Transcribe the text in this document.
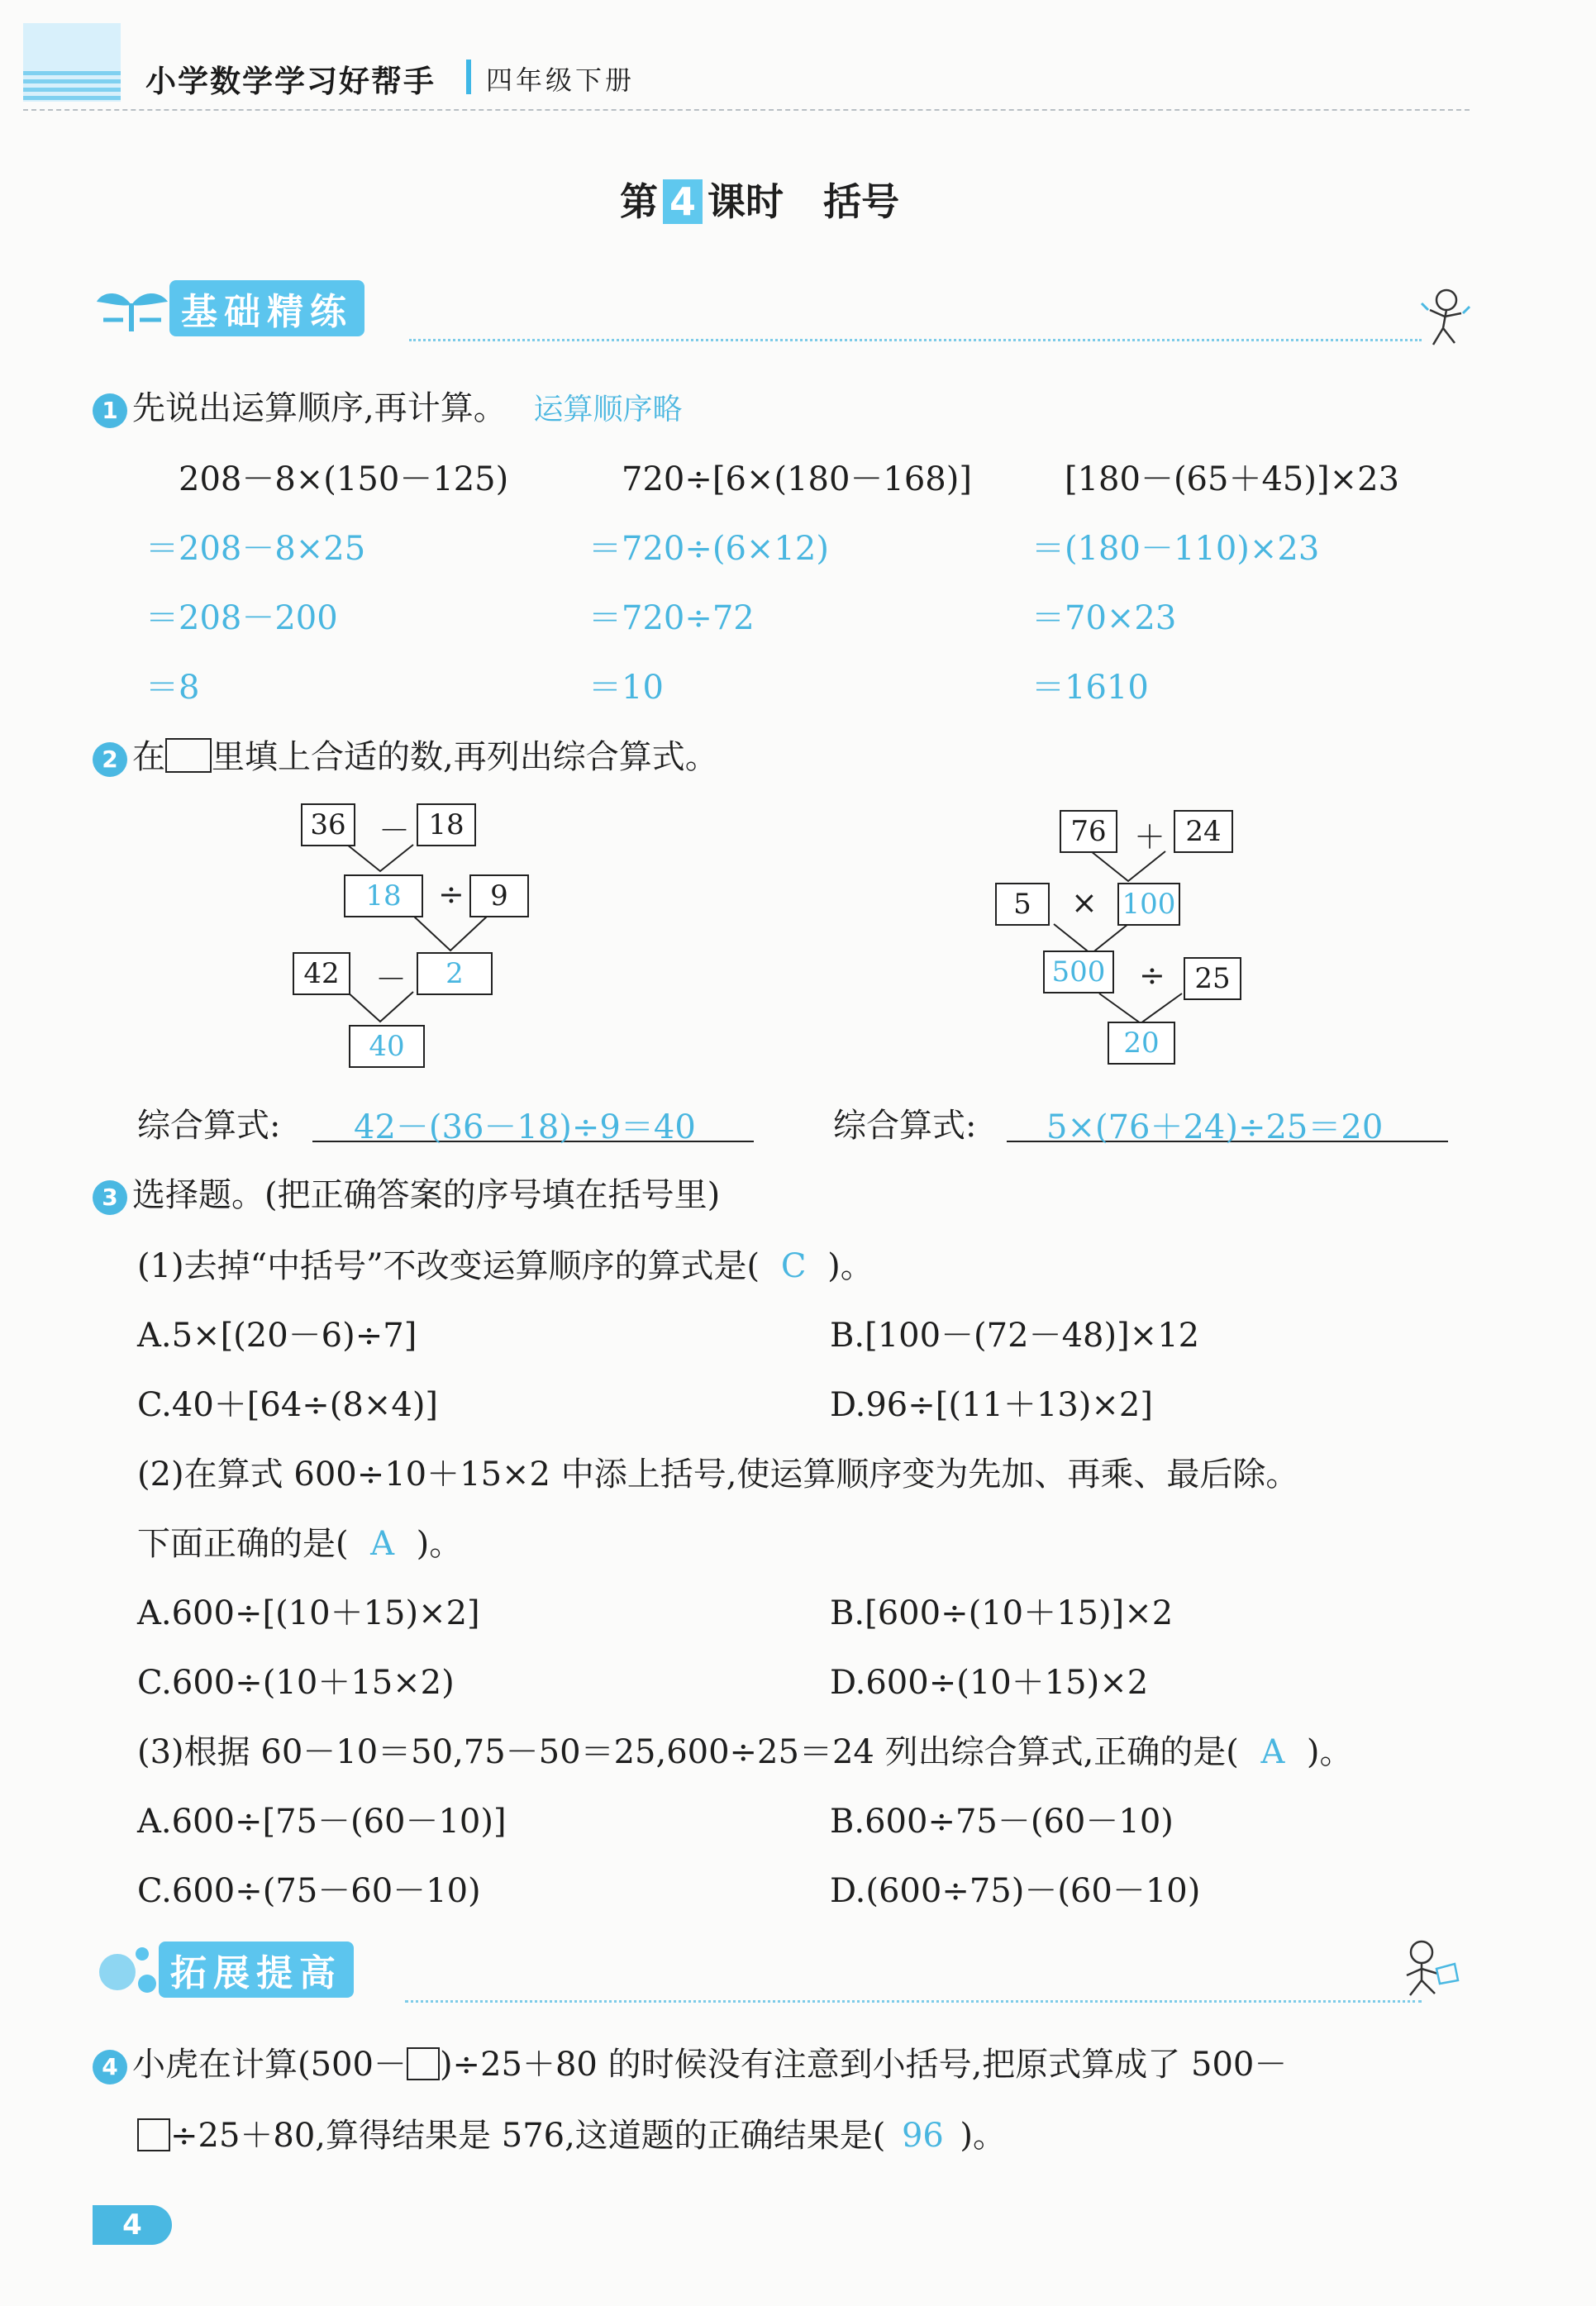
小学数学学习好帮手 四年级下册
第 4 课时 括号
基础精练
1 先说出运算顺序,再计算。 运算顺序略
208－8×(150－125)
＝208－8×25
＝208－200
＝8
720÷[6×(180－168)]
＝720÷(6×12)
＝720÷72
＝10
[180－(65＋45)]×23
＝(180－110)×23
＝70×23
＝1610
2 在 里填上合适的数,再列出综合算式。
36 － 18
18	÷ 9
42	－	2
40
76 ＋ 24
5	× 100
500 ÷	25
20
综合算式: 42－(36－18)÷9＝40	综合算式: 5×(76＋24)÷25＝20
3 选择题。(把正确答案的序号填在括号里)
(1)去掉“中括号”不改变运算顺序的算式是( C )。
A.5×[(20－6)÷7]	B.[100－(72－48)]×12
C.40＋[64÷(8×4)]	D.96÷[(11＋13)×2]
(2)在算式 600÷10＋15×2 中添上括号,使运算顺序变为先加、再乘、最后除。
下面正确的是( A )。
A.600÷[(10＋15)×2]	B.[600÷(10＋15)]×2
C.600÷(10＋15×2)	D.600÷(10＋15)×2
(3)根据 60－10＝50,75－50＝25,600÷25＝24 列出综合算式,正确的是( A )。
A.600÷[75－(60－10)]	B.600÷75－(60－10)
C.600÷(75－60－10)	D.(600÷75)－(60－10)
拓展提高
4 小虎在计算(500－ )÷25＋80 的时候没有注意到小括号,把原式算成了 500－
÷25＋80,算得结果是 576,这道题的正确结果是( 96 )。
4
